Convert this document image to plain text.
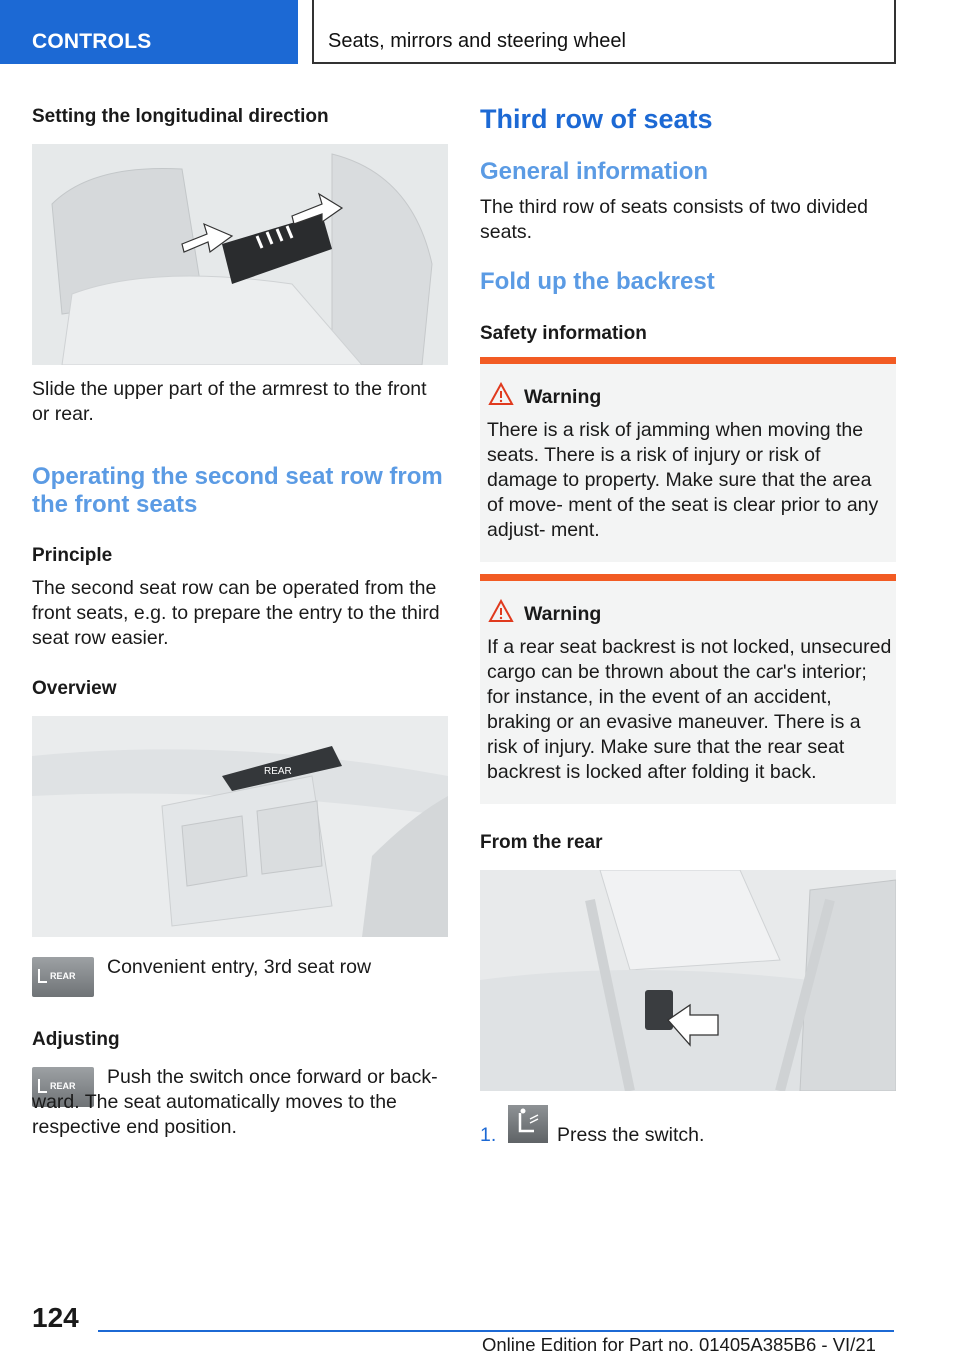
CONTROLS	Seats, mirrors and steering wheel
Setting the longitudinal direction
Slide the upper part of the armrest to the front or rear.
Operating the second seat row from the front seats
Principle
The second seat row can be operated from the front seats, e.g. to prepare the entry to the third seat row easier.
Overview
REAR
REAR Convenient entry, 3rd seat row
Adjusting
REAR	Push the switch once forward or back‐ ward. The seat automatically moves to the respective end position.
Third row of seats
General information
The third row of seats consists of two divided seats.
Fold up the backrest
Safety information
Warning
There is a risk of jamming when moving the seats. There is a risk of injury or risk of damage to property. Make sure that the area of move‐ ment of the seat is clear prior to any adjust‐ ment.
Warning
If a rear seat backrest is not locked, unsecured cargo can be thrown about the car's interior; for instance, in the event of an accident, braking or an evasive maneuver. There is a risk of injury. Make sure that the rear seat backrest is locked after folding it back.
From the rear
1.	Press the switch.
124
Online Edition for Part no. 01405A385B6 - VI/21
